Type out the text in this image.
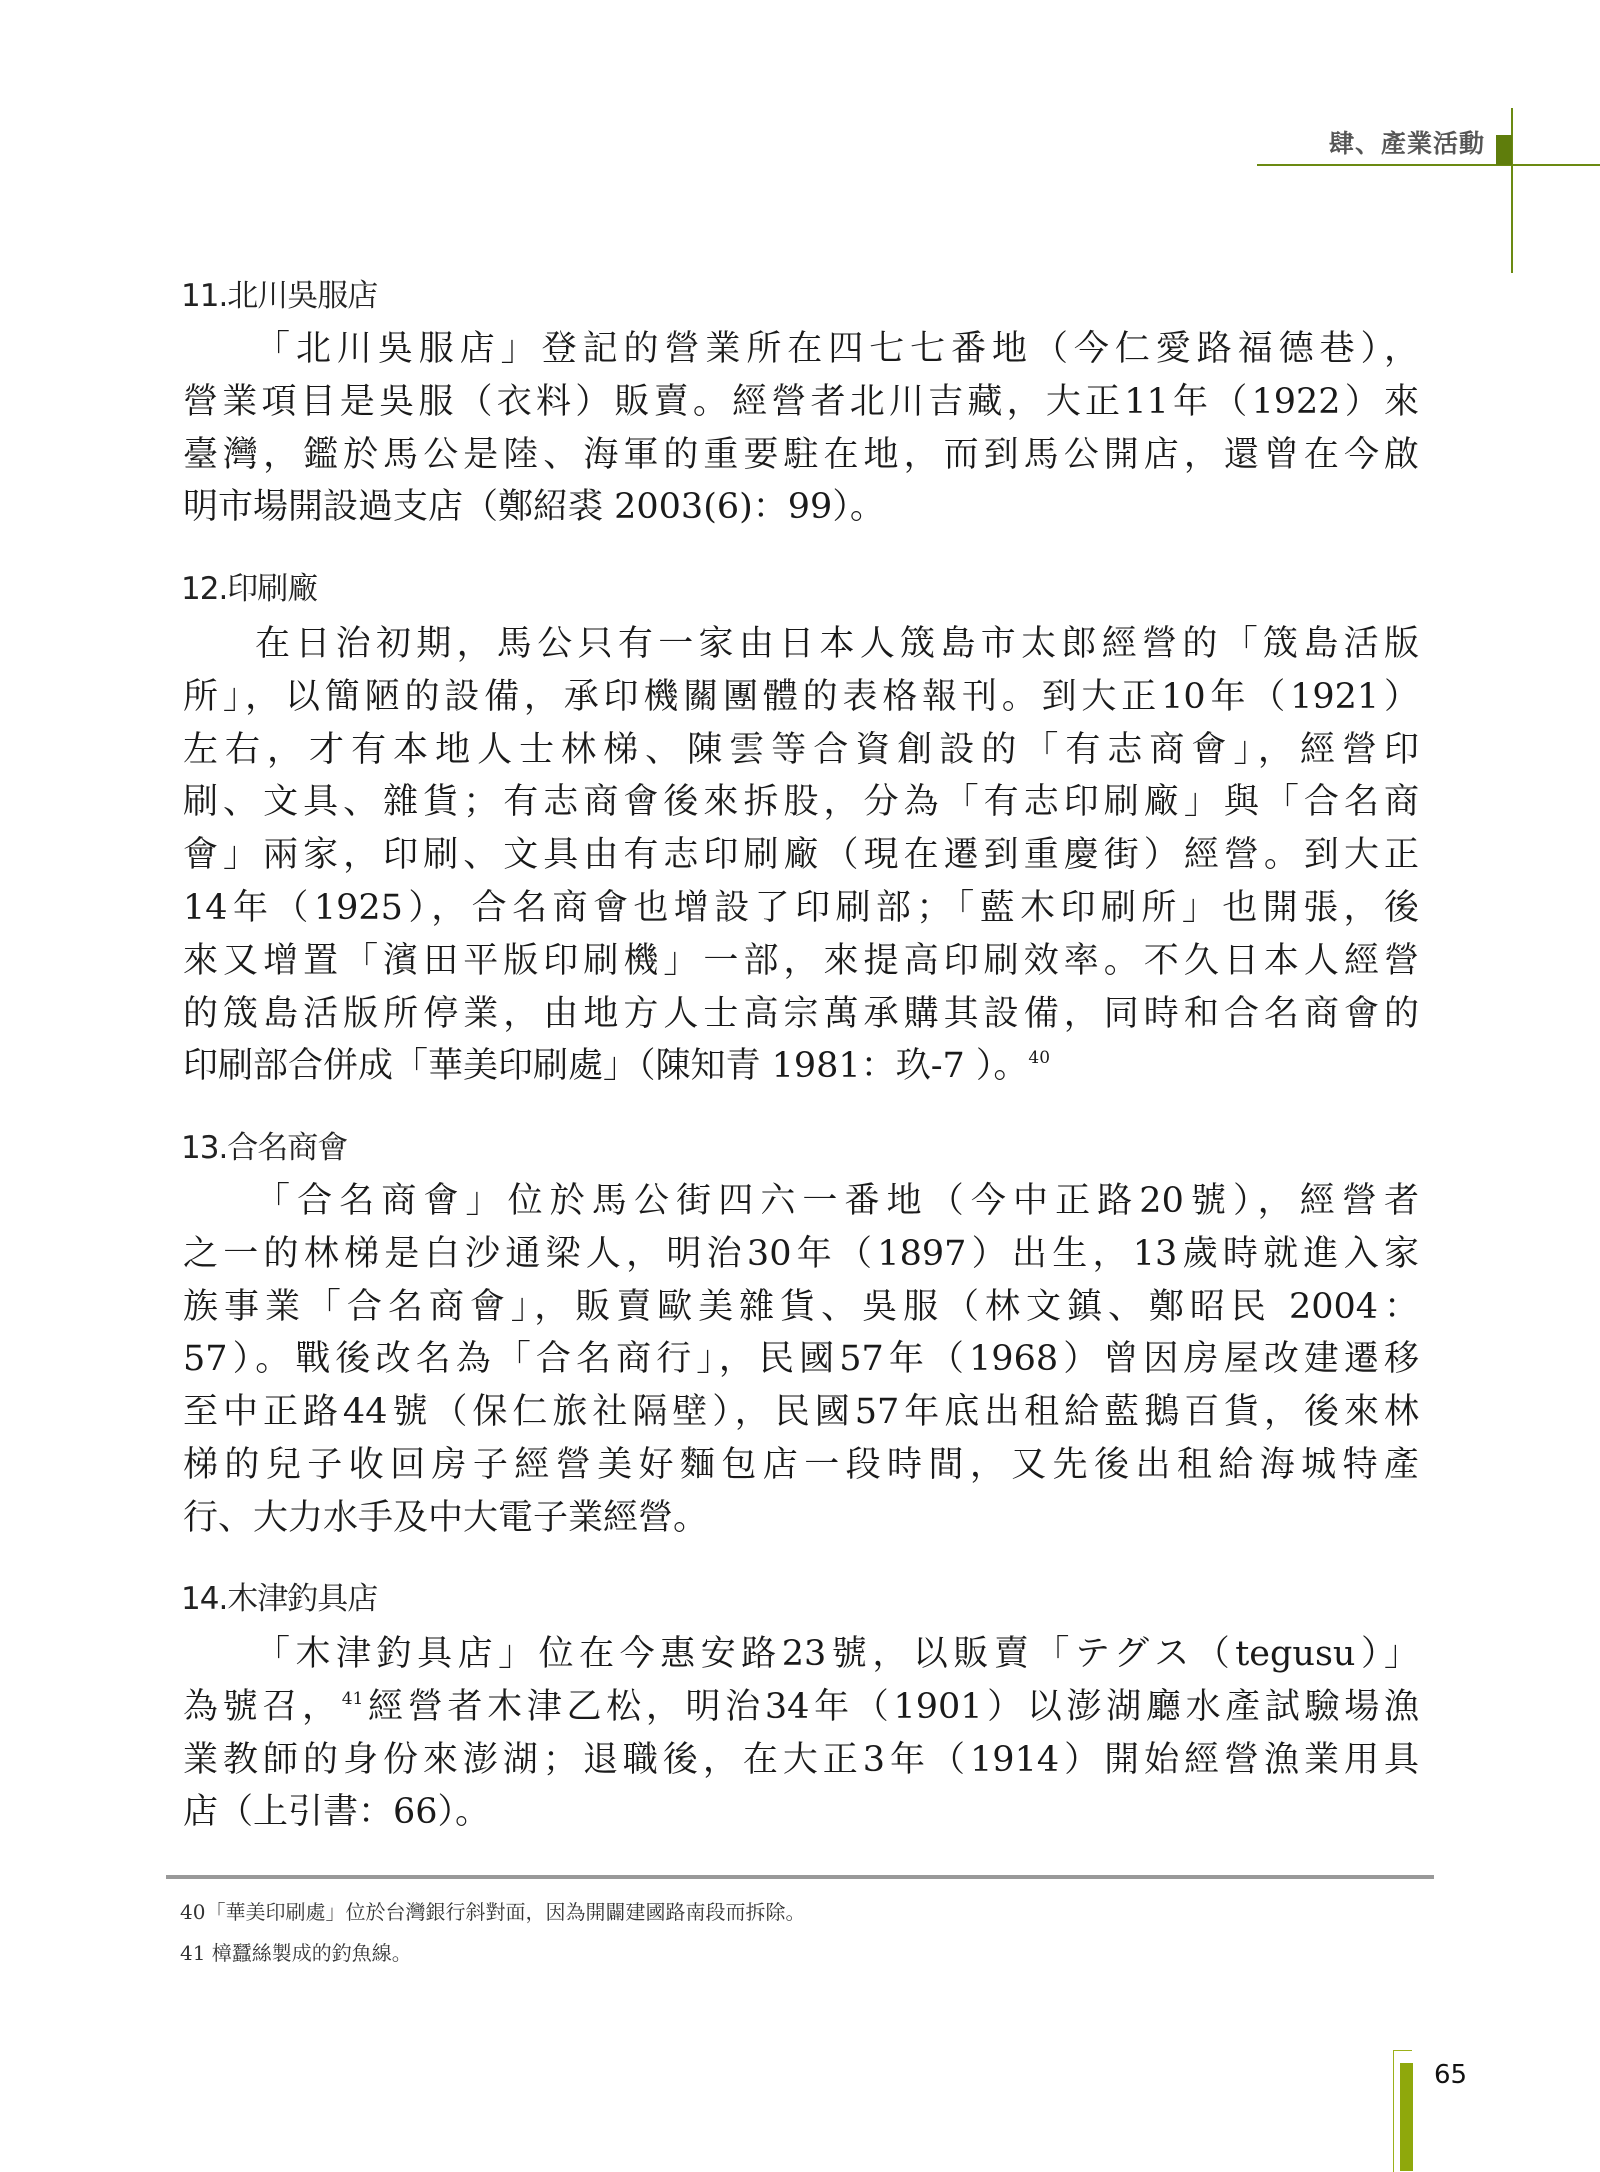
肆、產業活動
11.北川吳服店
「北川吳服店」登記的營業所在四七七番地（今仁愛路福德巷），
營業項目是吳服（衣料）販賣。經營者北川吉藏，大正11年（1922）來
臺灣，鑑於馬公是陸、海軍的重要駐在地，而到馬公開店，還曾在今啟
明市場開設過支店（鄭紹裘 2003(6)：99）。
12.印刷廠
在日治初期，馬公只有一家由日本人筬島市太郎經營的「筬島活版
所」，以簡陋的設備，承印機關團體的表格報刊。到大正10年（1921）
左右，才有本地人士林梯、陳雲等合資創設的「有志商會」，經營印
刷、文具、雜貨；有志商會後來拆股，分為「有志印刷廠」與「合名商
會」兩家，印刷、文具由有志印刷廠（現在遷到重慶街）經營。到大正
14年（1925），合名商會也增設了印刷部；「藍木印刷所」也開張，後
來又增置「濱田平版印刷機」一部，來提高印刷效率。不久日本人經營
的筬島活版所停業，由地方人士高宗萬承購其設備，同時和合名商會的
印刷部合併成「華美印刷處」（陳知青 1981：玖-7 ）。$^{40}$
13.合名商會
「合名商會」位於馬公街四六一番地（今中正路20號），經營者
之一的林梯是白沙通梁人，明治30年（1897）出生，13歲時就進入家
族事業「合名商會」，販賣歐美雜貨、吳服（林文鎮、鄭昭民 2004：
57）。戰後改名為「合名商行」，民國57年（1968）曾因房屋改建遷移
至中正路44號（保仁旅社隔壁），民國57年底出租給藍鵝百貨，後來林
梯的兒子收回房子經營美好麵包店一段時間，又先後出租給海城特產
行、大力水手及中大電子業經營。
14.木津釣具店
「木津釣具店」位在今惠安路23號，以販賣「テグス（tegusu）」
為號召，$^{41}$經營者木津乙松，明治34年（1901）以澎湖廳水產試驗場漁
業教師的身份來澎湖；退職後，在大正3年（1914）開始經營漁業用具
店（上引書：66）。
40「華美印刷處」位於台灣銀行斜對面，因為開闢建國路南段而拆除。
41 樟蠶絲製成的釣魚線。
65
